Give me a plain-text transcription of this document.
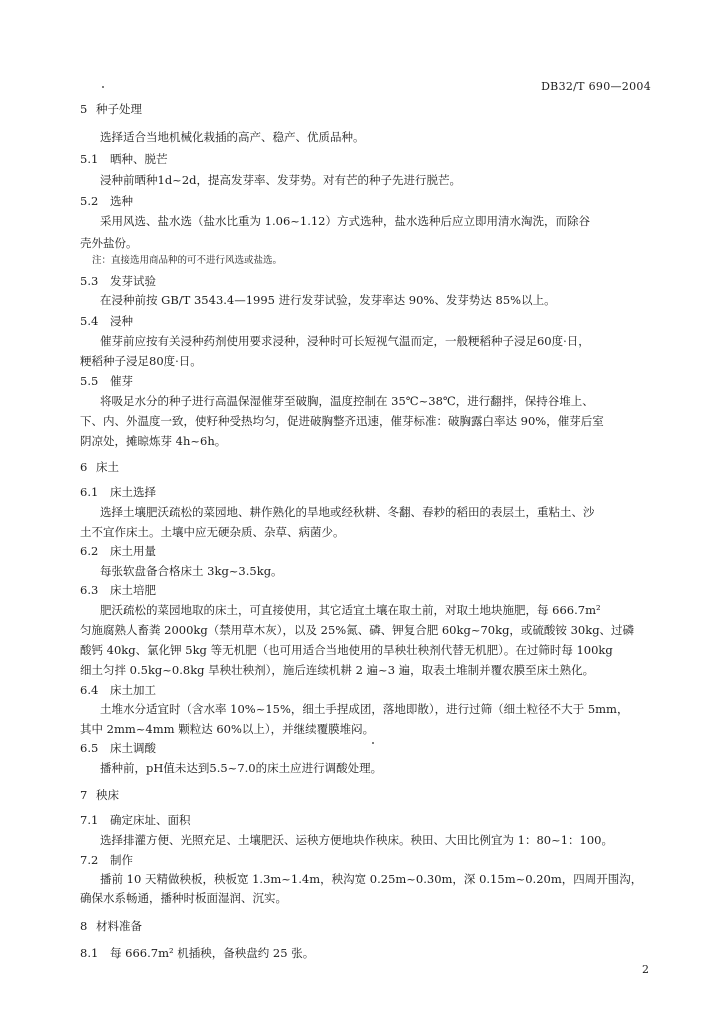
DB32/T 690—2004
5 种子处理
选择适合当地机械化栽插的高产、稳产、优质品种。
5.1 晒种、脱芒
浸种前晒种1d~2d，提高发芽率、发芽势。对有芒的种子先进行脱芒。
5.2 选种
采用风选、盐水选（盐水比重为 1.06~1.12）方式选种，盐水选种后应立即用清水淘洗，而除谷
壳外盐份。
注：直接选用商品种的可不进行风选或盐选。
5.3 发芽试验
在浸种前按 GB/T 3543.4—1995 进行发芽试验，发芽率达 90%、发芽势达 85%以上。
5.4 浸种
催芽前应按有关浸种药剂使用要求浸种，浸种时可长短视气温而定，一般粳稻种子浸足60度·日，
粳稻种子浸足80度·日。
5.5 催芽
将吸足水分的种子进行高温保湿催芽至破胸，温度控制在 35℃~38℃，进行翻拌，保持谷堆上、
下、内、外温度一致，使籽种受热均匀，促进破胸整齐迅速，催芽标准：破胸露白率达 90%，催芽后室
阴凉处，摊晾炼芽 4h~6h。
6 床土
6.1 床土选择
选择土壤肥沃疏松的菜园地、耕作熟化的旱地或经秋耕、冬翻、春耖的稻田的表层土，重粘土、沙
土不宜作床土。土壤中应无硬杂质、杂草、病菌少。
6.2 床土用量
每张软盘备合格床土 3kg~3.5kg。
6.3 床土培肥
肥沃疏松的菜园地取的床土，可直接使用，其它适宜土壤在取土前，对取土地块施肥，每 666.7m²
匀施腐熟人畜粪 2000kg（禁用草木灰），以及 25%氮、磷、钾复合肥 60kg~70kg，或硫酸铵 30kg、过磷
酸钙 40kg、氯化钾 5kg 等无机肥（也可用适合当地使用的旱秧壮秧剂代替无机肥）。在过筛时每 100kg
细土匀拌 0.5kg~0.8kg 旱秧壮秧剂），施后连续机耕 2 遍~3 遍，取表土堆制并覆农膜至床土熟化。
6.4 床土加工
土堆水分适宜时（含水率 10%~15%，细土手捏成团，落地即散），进行过筛（细土粒径不大于 5mm，
其中 2mm~4mm 颗粒达 60%以上），并继续覆膜堆闷。
6.5 床土调酸
播种前，pH值未达到5.5~7.0的床土应进行调酸处理。
7 秧床
7.1 确定床址、面积
选择排灌方便、光照充足、土壤肥沃、运秧方便地块作秧床。秧田、大田比例宜为 1：80~1：100。
7.2 制作
播前 10 天精做秧板，秧板宽 1.3m~1.4m，秧沟宽 0.25m~0.30m，深 0.15m~0.20m，四周开围沟，
确保水系畅通，播种时板面湿润、沉实。
8 材料准备
8.1 每 666.7m² 机插秧，备秧盘约 25 张。
2
